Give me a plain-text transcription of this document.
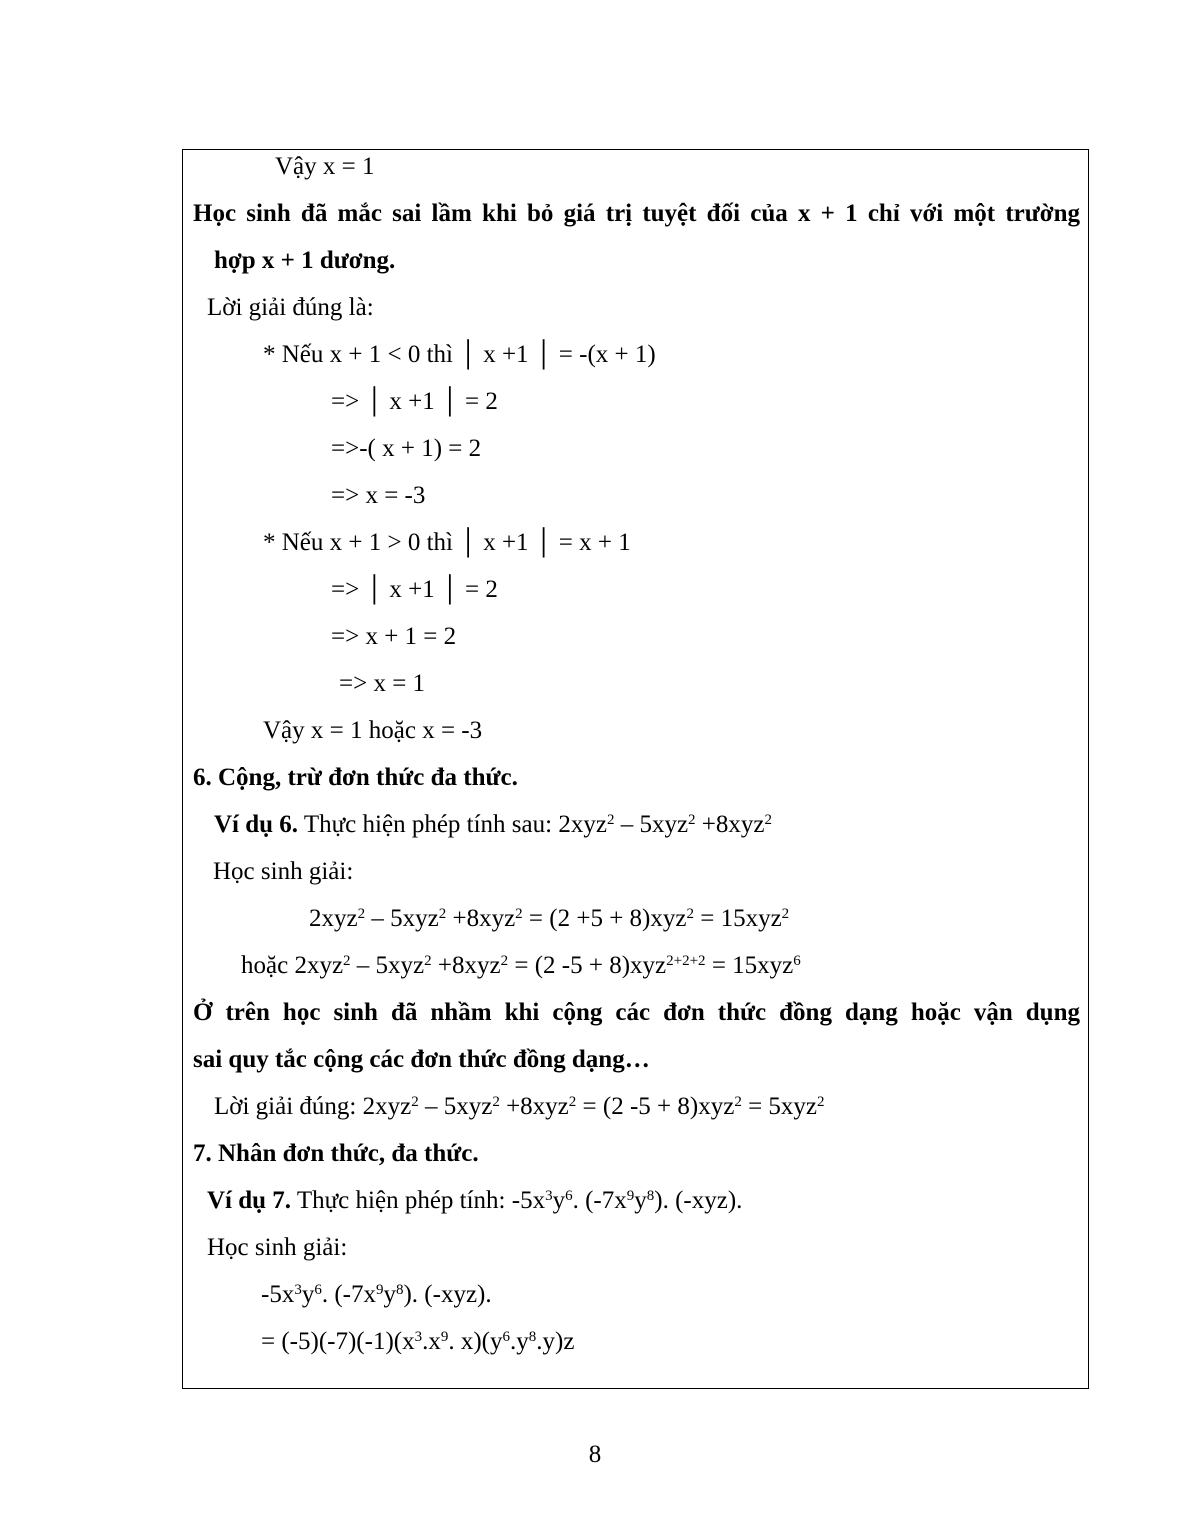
Vậy x = 1
Học sinh đã mắc sai lầm khi bỏ giá trị tuyệt đối của x + 1 chỉ với một trường
hợp x + 1 dương.
Lời giải đúng là:
* Nếu x + 1 < 0 thì │ x +1 │ = -(x + 1)
=> │ x +1 │ = 2
=>-( x + 1) = 2
=> x = -3
* Nếu x + 1 > 0 thì │ x +1 │ = x + 1
=> │ x +1 │ = 2
=> x + 1 = 2
=> x = 1
Vậy x = 1 hoặc x = -3
6. Cộng, trừ đơn thức đa thức.
Ví dụ 6. Thực hiện phép tính sau: 2xyz$^2$ – 5xyz$^2$ +8xyz$^2$
Học sinh giải:
2xyz$^2$ – 5xyz$^2$ +8xyz$^2$ = (2 +5 + 8)xyz$^2$ = 15xyz$^2$
hoặc 2xyz$^2$ – 5xyz$^2$ +8xyz$^2$ = (2 -5 + 8)xyz$^{2+2+2}$ = 15xyz$^6$
Ở trên học sinh đã nhầm khi cộng các đơn thức đồng dạng hoặc vận dụng
sai quy tắc cộng các đơn thức đồng dạng…
Lời giải đúng: 2xyz$^2$ – 5xyz$^2$ +8xyz$^2$ = (2 -5 + 8)xyz$^2$ = 5xyz$^2$
7. Nhân đơn thức, đa thức.
Ví dụ 7. Thực hiện phép tính: $-5x^3y^6$. $(-7x^9y^8)$. (-xyz).
Học sinh giải:
$-5x^3y^6$. $(-7x^9y^8)$. (-xyz).
= $(-5)(-7)(-1)(x^3.x^9$. $x)(y^6.y^8.y)z$
8
